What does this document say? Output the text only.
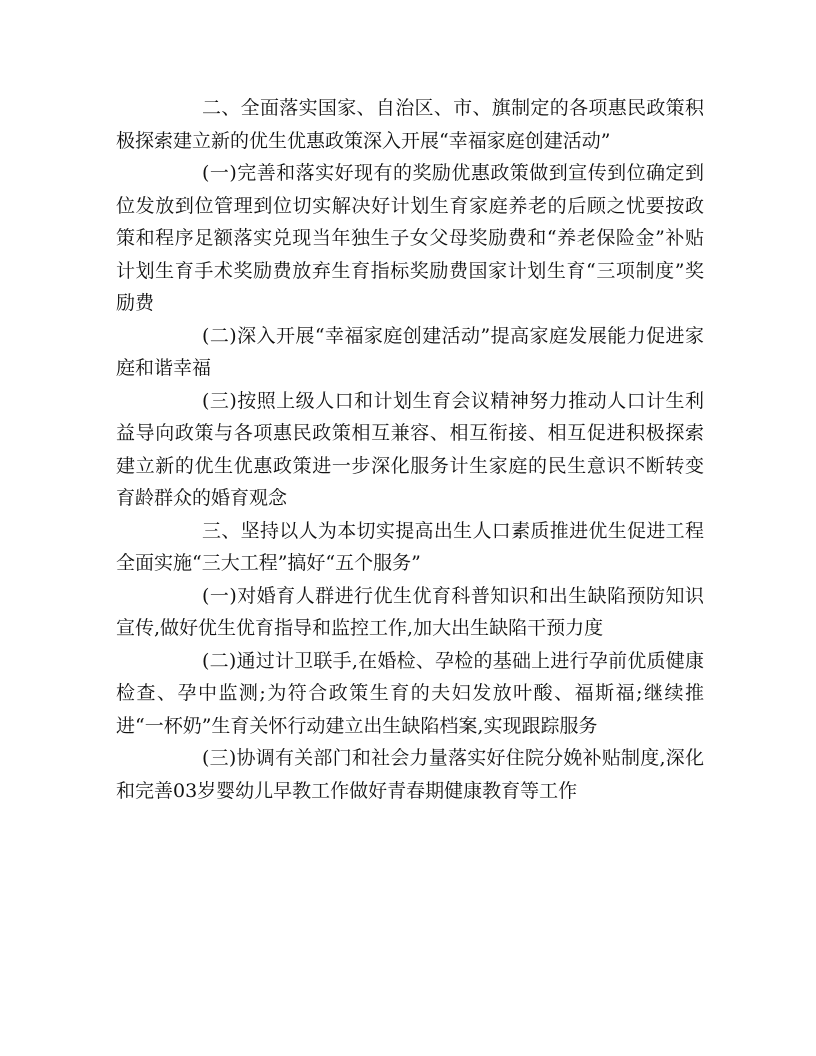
二、全面落实国家、自治区、市、旗制定的各项惠民政策积极探索建立新的优生优惠政策深入开展“幸福家庭创建活动”

(一)完善和落实好现有的奖励优惠政策做到宣传到位确定到位发放到位管理到位切实解决好计划生育家庭养老的后顾之忧要按政策和程序足额落实兑现当年独生子女父母奖励费和“养老保险金”补贴计划生育手术奖励费放弃生育指标奖励费国家计划生育“三项制度”奖励费

(二)深入开展“幸福家庭创建活动”提高家庭发展能力促进家庭和谐幸福

(三)按照上级人口和计划生育会议精神努力推动人口计生利益导向政策与各项惠民政策相互兼容、相互衔接、相互促进积极探索建立新的优生优惠政策进一步深化服务计生家庭的民生意识不断转变育龄群众的婚育观念

三、坚持以人为本切实提高出生人口素质推进优生促进工程全面实施“三大工程”搞好“五个服务”

(一)对婚育人群进行优生优育科普知识和出生缺陷预防知识宣传,做好优生优育指导和监控工作,加大出生缺陷干预力度

(二)通过计卫联手,在婚检、孕检的基础上进行孕前优质健康检查、孕中监测;为符合政策生育的夫妇发放叶酸、福斯福;继续推进“一杯奶”生育关怀行动建立出生缺陷档案,实现跟踪服务

(三)协调有关部门和社会力量落实好住院分娩补贴制度,深化和完善03岁婴幼儿早教工作做好青春期健康教育等工作
